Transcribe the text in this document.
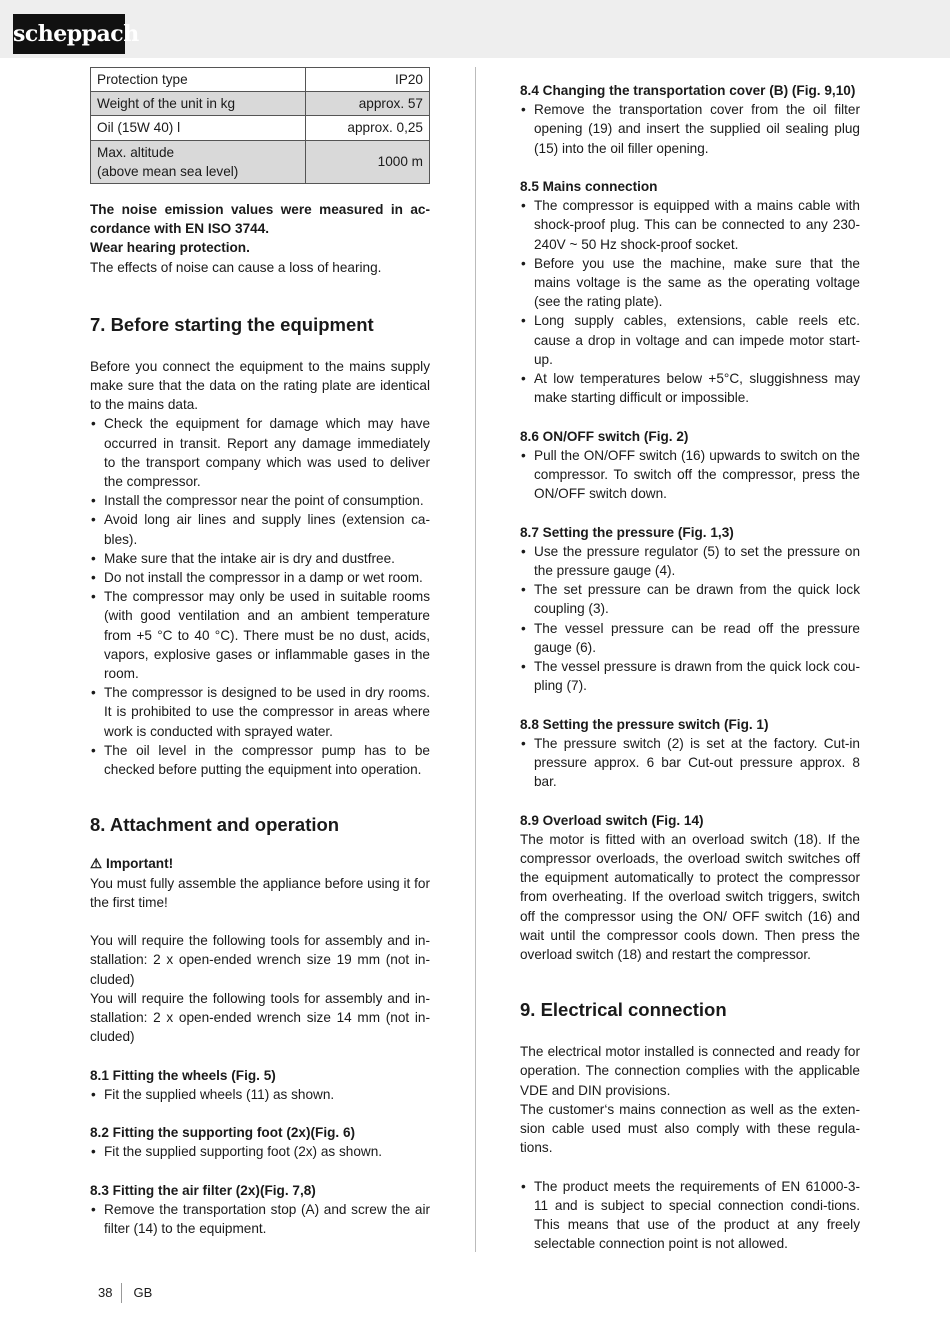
scheppach
Protection type	IP20
Weight of the unit in kg	approx. 57
Oil (15W 40) l	approx. 0,25

Max. altitude
(above mean sea level)	1000 m

The noise emission values were measured in ac-cordance with EN ISO 3744.

Wear hearing protection.

The effects of noise can cause a loss of hearing.

7. Before starting the equipment

Before you connect the equipment to the mains supply make sure that the data on the rating plate are identical to the mains data.

• Check the equipment for damage which may have occurred in transit. Report any damage immediately to the transport company which was used to deliver the compressor.
• Install the compressor near the point of consumption.
• Avoid long air lines and supply lines (extension ca-bles).
• Make sure that the intake air is dry and dustfree.
• Do not install the compressor in a damp or wet room.
• The compressor may only be used in suitable rooms (with good ventilation and an ambient temperature from +5 °C to 40 °C). There must be no dust, acids, vapors, explosive gases or inflammable gases in the room.
• The compressor is designed to be used in dry rooms. It is prohibited to use the compressor in areas where work is conducted with sprayed water.
• The oil level in the compressor pump has to be checked before putting the equipment into operation.
8. Attachment and operation

⚠ Important!

You must fully assemble the appliance before using it for the first time!

You will require the following tools for assembly and in-stallation: 2 x open-ended wrench size 19 mm (not in-cluded)

You will require the following tools for assembly and in-stallation: 2 x open-ended wrench size 14 mm (not in-cluded)

8.1 Fitting the wheels (Fig. 5)
• Fit the supplied wheels (11) as shown.
8.2 Fitting the supporting foot (2x)(Fig. 6)
• Fit the supplied supporting foot (2x) as shown.
8.3 Fitting the air filter (2x)(Fig. 7,8)
• Remove the transportation stop (A) and screw the air filter (14) to the equipment.
8.4 Changing the transportation cover (B) (Fig. 9,10)
• Remove the transportation cover from the oil filter opening (19) and insert the supplied oil sealing plug (15) into the oil filler opening.
8.5 Mains connection
• The compressor is equipped with a mains cable with shock-proof plug. This can be connected to any 230-240V ~ 50 Hz shock-proof socket.
• Before you use the machine, make sure that the mains voltage is the same as the operating voltage (see the rating plate).
• Long supply cables, extensions, cable reels etc. cause a drop in voltage and can impede motor start-up.
• At low temperatures below +5°C, sluggishness may make starting difficult or impossible.
8.6 ON/OFF switch (Fig. 2)
• Pull the ON/OFF switch (16) upwards to switch on the compressor. To switch off the compressor, press the ON/OFF switch down.
8.7 Setting the pressure (Fig. 1,3)
• Use the pressure regulator (5) to set the pressure on the pressure gauge (4).
• The set pressure can be drawn from the quick lock coupling (3).
• The vessel pressure can be read off the pressure gauge (6).
• The vessel pressure is drawn from the quick lock cou-pling (7).
8.8 Setting the pressure switch (Fig. 1)
• The pressure switch (2) is set at the factory. Cut-in pressure approx. 6 bar Cut-out pressure approx. 8 bar.
8.9 Overload switch (Fig. 14)

The motor is fitted with an overload switch (18). If the compressor overloads, the overload switch switches off the equipment automatically to protect the compressor from overheating. If the overload switch triggers, switch off the compressor using the ON/ OFF switch (16) and wait until the compressor cools down. Then press the overload switch (18) and restart the compressor.

9. Electrical connection

The electrical motor installed is connected and ready for operation. The connection complies with the applicable VDE and DIN provisions.

The customer‘s mains connection as well as the exten-sion cable used must also comply with these regula-tions.

• The product meets the requirements of EN 61000-3-11 and is subject to special connection condi-tions. This means that use of the product at any freely selectable connection point is not allowed.
38 GB
